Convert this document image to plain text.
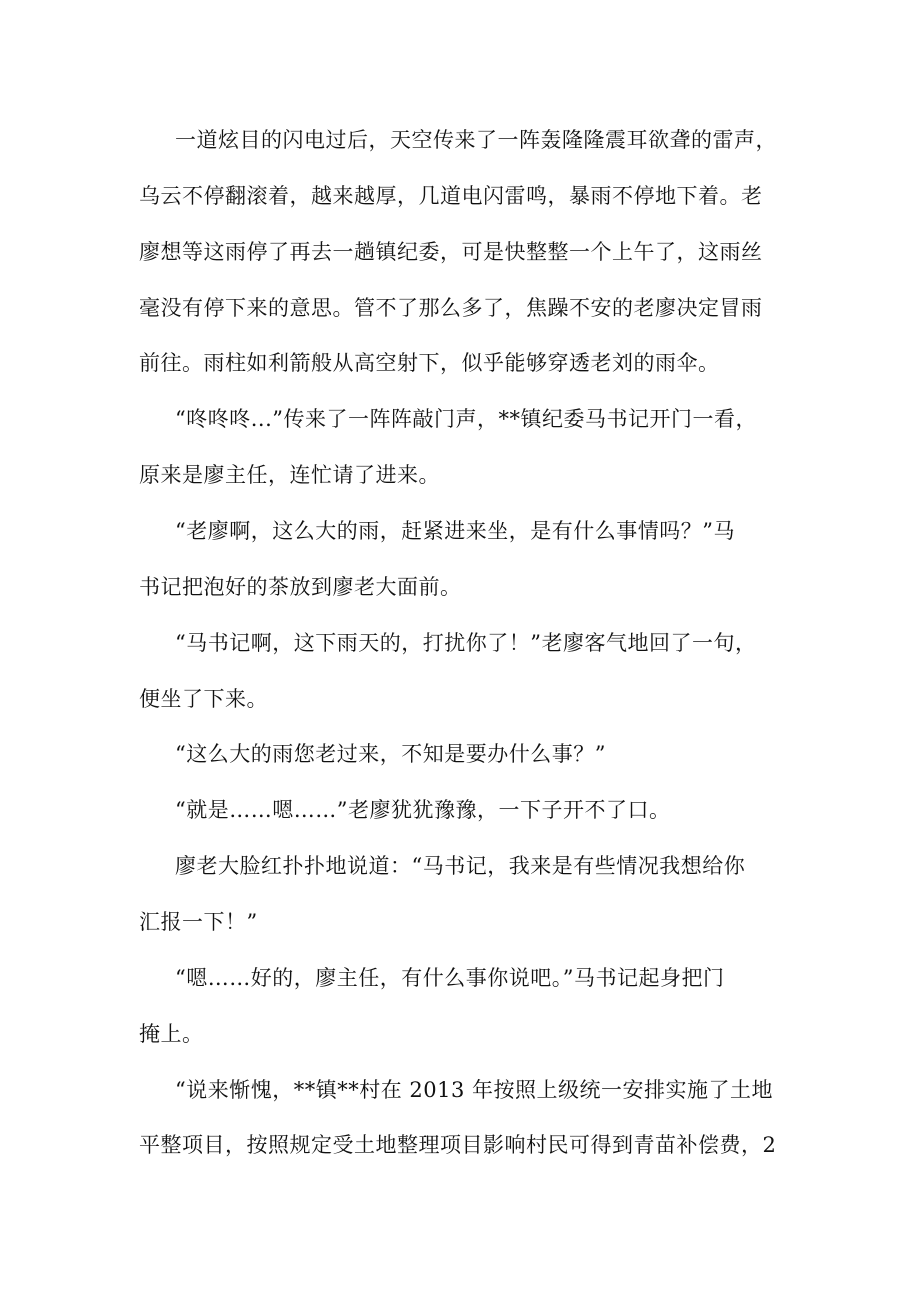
一道炫目的闪电过后，天空传来了一阵轰隆隆震耳欲聋的雷声，
乌云不停翻滚着，越来越厚，几道电闪雷鸣，暴雨不停地下着。老
廖想等这雨停了再去一趟镇纪委，可是快整整一个上午了，这雨丝
毫没有停下来的意思。管不了那么多了，焦躁不安的老廖决定冒雨
前往。雨柱如利箭般从高空射下，似乎能够穿透老刘的雨伞。
“咚咚咚...”传来了一阵阵敲门声，**镇纪委马书记开门一看，
原来是廖主任，连忙请了进来。
“老廖啊，这么大的雨，赶紧进来坐，是有什么事情吗？”马
书记把泡好的茶放到廖老大面前。
“马书记啊，这下雨天的，打扰你了！”老廖客气地回了一句，
便坐了下来。
“这么大的雨您老过来，不知是要办什么事？”
“就是……嗯……”老廖犹犹豫豫，一下子开不了口。
廖老大脸红扑扑地说道：“马书记，我来是有些情况我想给你
汇报一下！”
“嗯……好的，廖主任，有什么事你说吧。”马书记起身把门
掩上。
“说来惭愧，**镇**村在 2013 年按照上级统一安排实施了土地
平整项目，按照规定受土地整理项目影响村民可得到青苗补偿费，2
